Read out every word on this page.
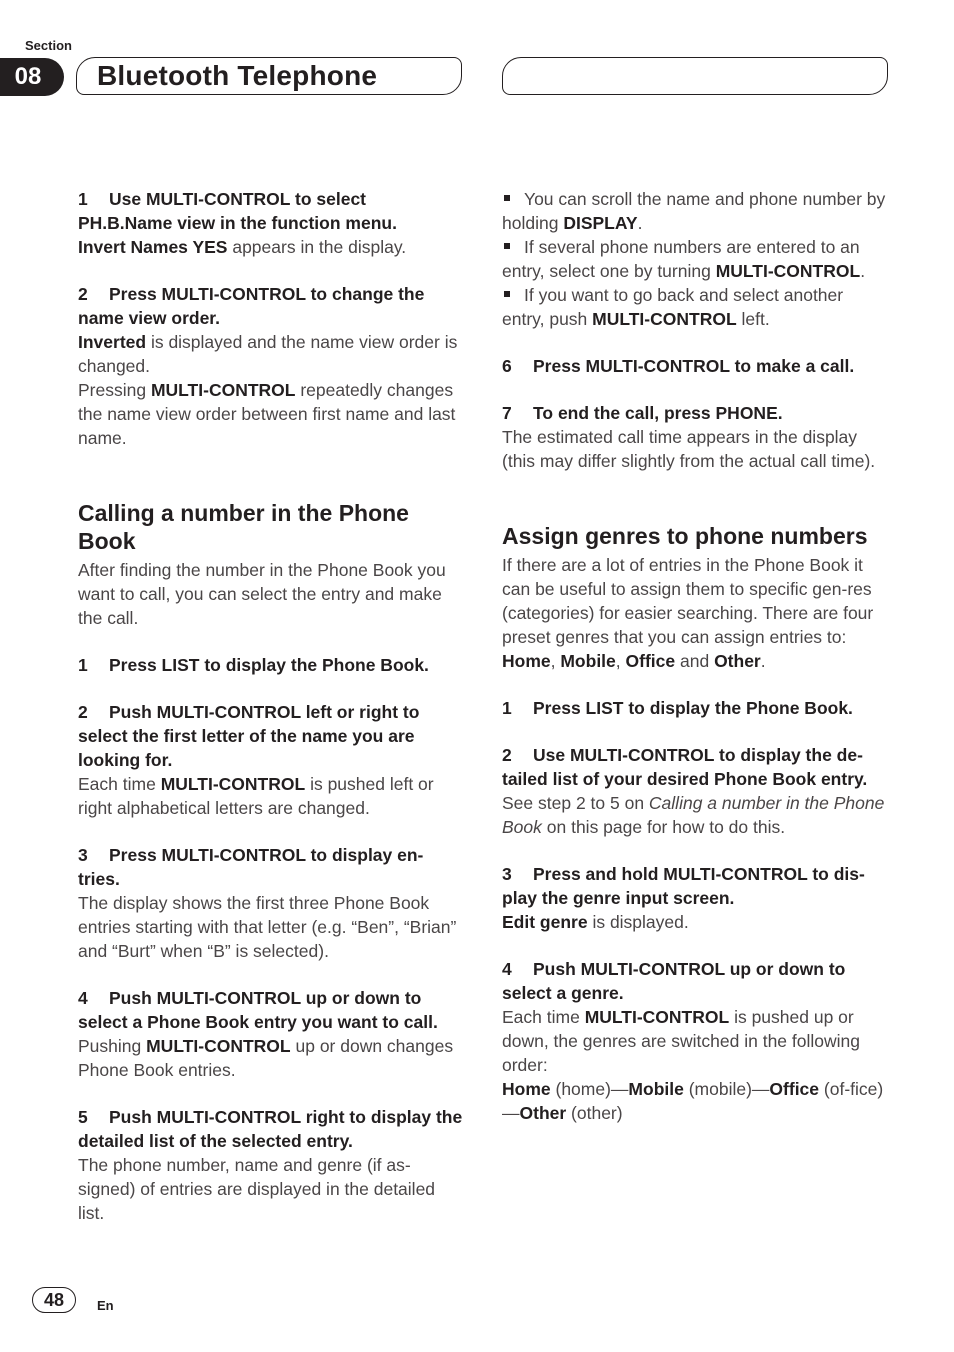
Section
08	Bluetooth Telephone

1 Use MULTI-CONTROL to select PH.B.Name view in the function menu.

Invert Names YES appears in the display.

2 Press MULTI-CONTROL to change the name view order.

Inverted is displayed and the name view order is changed.

Pressing MULTI-CONTROL repeatedly changes the name view order between first name and last name.

Calling a number in the Phone Book

After finding the number in the Phone Book you want to call, you can select the entry and make the call.

1 Press LIST to display the Phone Book.

2 Push MULTI-CONTROL left or right to select the first letter of the name you are looking for.

Each time MULTI-CONTROL is pushed left or right alphabetical letters are changed.

3 Press MULTI-CONTROL to display en-tries.

The display shows the first three Phone Book entries starting with that letter (e.g. “Ben”, “Brian” and “Burt” when “B” is selected).

4 Push MULTI-CONTROL up or down to select a Phone Book entry you want to call.

Pushing MULTI-CONTROL up or down changes Phone Book entries.

5 Push MULTI-CONTROL right to display the detailed list of the selected entry.

The phone number, name and genre (if as-signed) of entries are displayed in the detailed list.

You can scroll the name and phone number by holding DISPLAY.

If several phone numbers are entered to an entry, select one by turning MULTI-CONTROL.

If you want to go back and select another entry, push MULTI-CONTROL left.

6 Press MULTI-CONTROL to make a call.

7 To end the call, press PHONE.

The estimated call time appears in the display (this may differ slightly from the actual call time).

Assign genres to phone numbers

If there are a lot of entries in the Phone Book it can be useful to assign them to specific gen-res (categories) for easier searching. There are four preset genres that you can assign entries to: Home, Mobile, Office and Other.

1 Press LIST to display the Phone Book.

2 Use MULTI-CONTROL to display the de-tailed list of your desired Phone Book entry.

See step 2 to 5 on Calling a number in the Phone Book on this page for how to do this.

3 Press and hold MULTI-CONTROL to dis-play the genre input screen.

Edit genre is displayed.

4 Push MULTI-CONTROL up or down to select a genre.

Each time MULTI-CONTROL is pushed up or down, the genres are switched in the following order:

Home (home)—Mobile (mobile)—Office (of-fice)—Other (other)

48	En
